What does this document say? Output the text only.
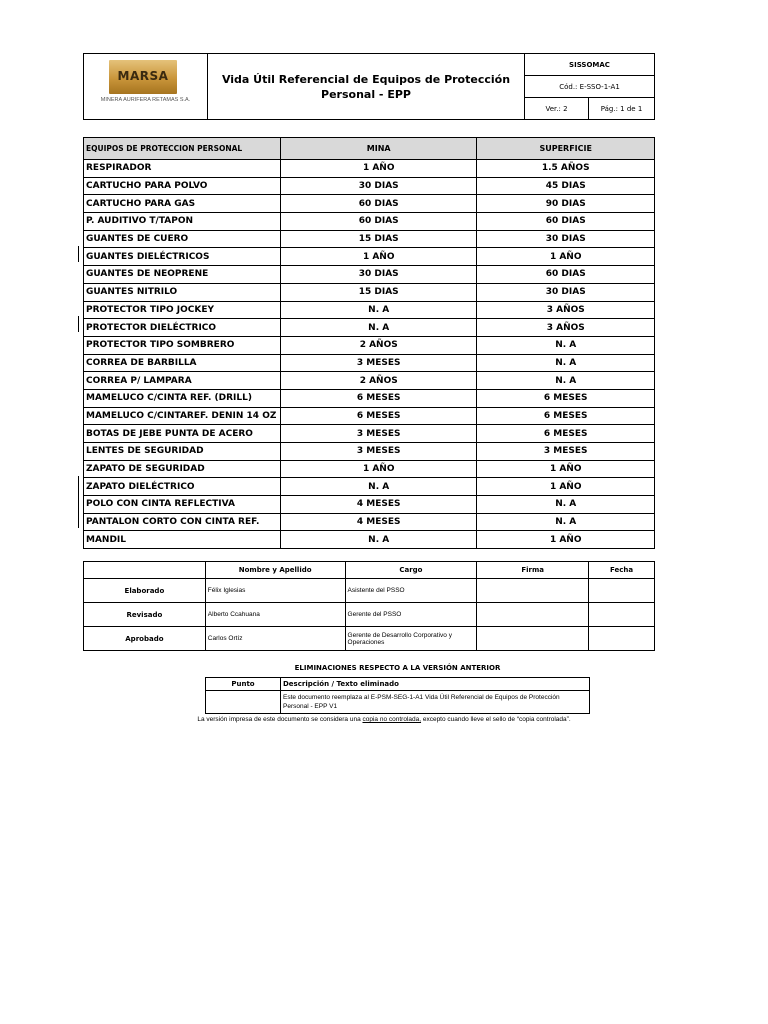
MARSA
MINERA AURIFERA RETAMAS S.A.	Vida Útil Referencial de Equipos de Protección Personal - EPP	SISSOMAC	
		Cód.: E-SSO-1-A1	
		Ver.: 2	Pág.: 1 de 1
EQUIPOS DE PROTECCION PERSONAL	MINA	SUPERFICIE
RESPIRADOR	1 AÑO	1.5 AÑOS
CARTUCHO PARA POLVO	30 DIAS	45 DIAS
CARTUCHO PARA GAS	60 DIAS	90 DIAS
P. AUDITIVO T/TAPON	60 DIAS	60 DIAS
GUANTES DE CUERO	15 DIAS	30 DIAS
GUANTES DIELÉCTRICOS	1 AÑO	1 AÑO
GUANTES DE NEOPRENE	30 DIAS	60 DIAS
GUANTES NITRILO	15 DIAS	30 DIAS
PROTECTOR TIPO JOCKEY	N. A	3 AÑOS
PROTECTOR DIELÉCTRICO	N. A	3 AÑOS
PROTECTOR TIPO SOMBRERO	2 AÑOS	N. A
CORREA DE BARBILLA	3 MESES	N. A
CORREA P/ LAMPARA	2 AÑOS	N. A
MAMELUCO C/CINTA REF. (DRILL)	6 MESES	6 MESES
MAMELUCO C/CINTAREF. DENIN 14 OZ	6 MESES	6 MESES
BOTAS DE JEBE PUNTA DE ACERO	3 MESES	6 MESES
LENTES DE SEGURIDAD	3 MESES	3 MESES
ZAPATO DE SEGURIDAD	1 AÑO	1 AÑO
ZAPATO DIELÉCTRICO	N. A	1 AÑO
POLO CON CINTA REFLECTIVA	4 MESES	N. A
PANTALON CORTO CON CINTA REF.	4 MESES	N. A
MANDIL	N. A	1 AÑO
	Nombre y Apellido	Cargo	Firma	Fecha
Elaborado	Félix Iglesias	Asistente del PSSO		
Revisado	Alberto Ccahuana	Gerente del PSSO		
Aprobado	Carlos Ortíz	Gerente de Desarrollo Corporativo y Operaciones		
ELIMINACIONES RESPECTO A LA VERSIÓN ANTERIOR
Punto	Descripción / Texto eliminado
	Este documento reemplaza al E-PSM-SEG-1-A1 Vida Útil Referencial de Equipos de Protección Personal - EPP V1
La versión impresa de este documento se considera una copia no controlada, excepto cuando lleve el sello de “copia controlada”.
